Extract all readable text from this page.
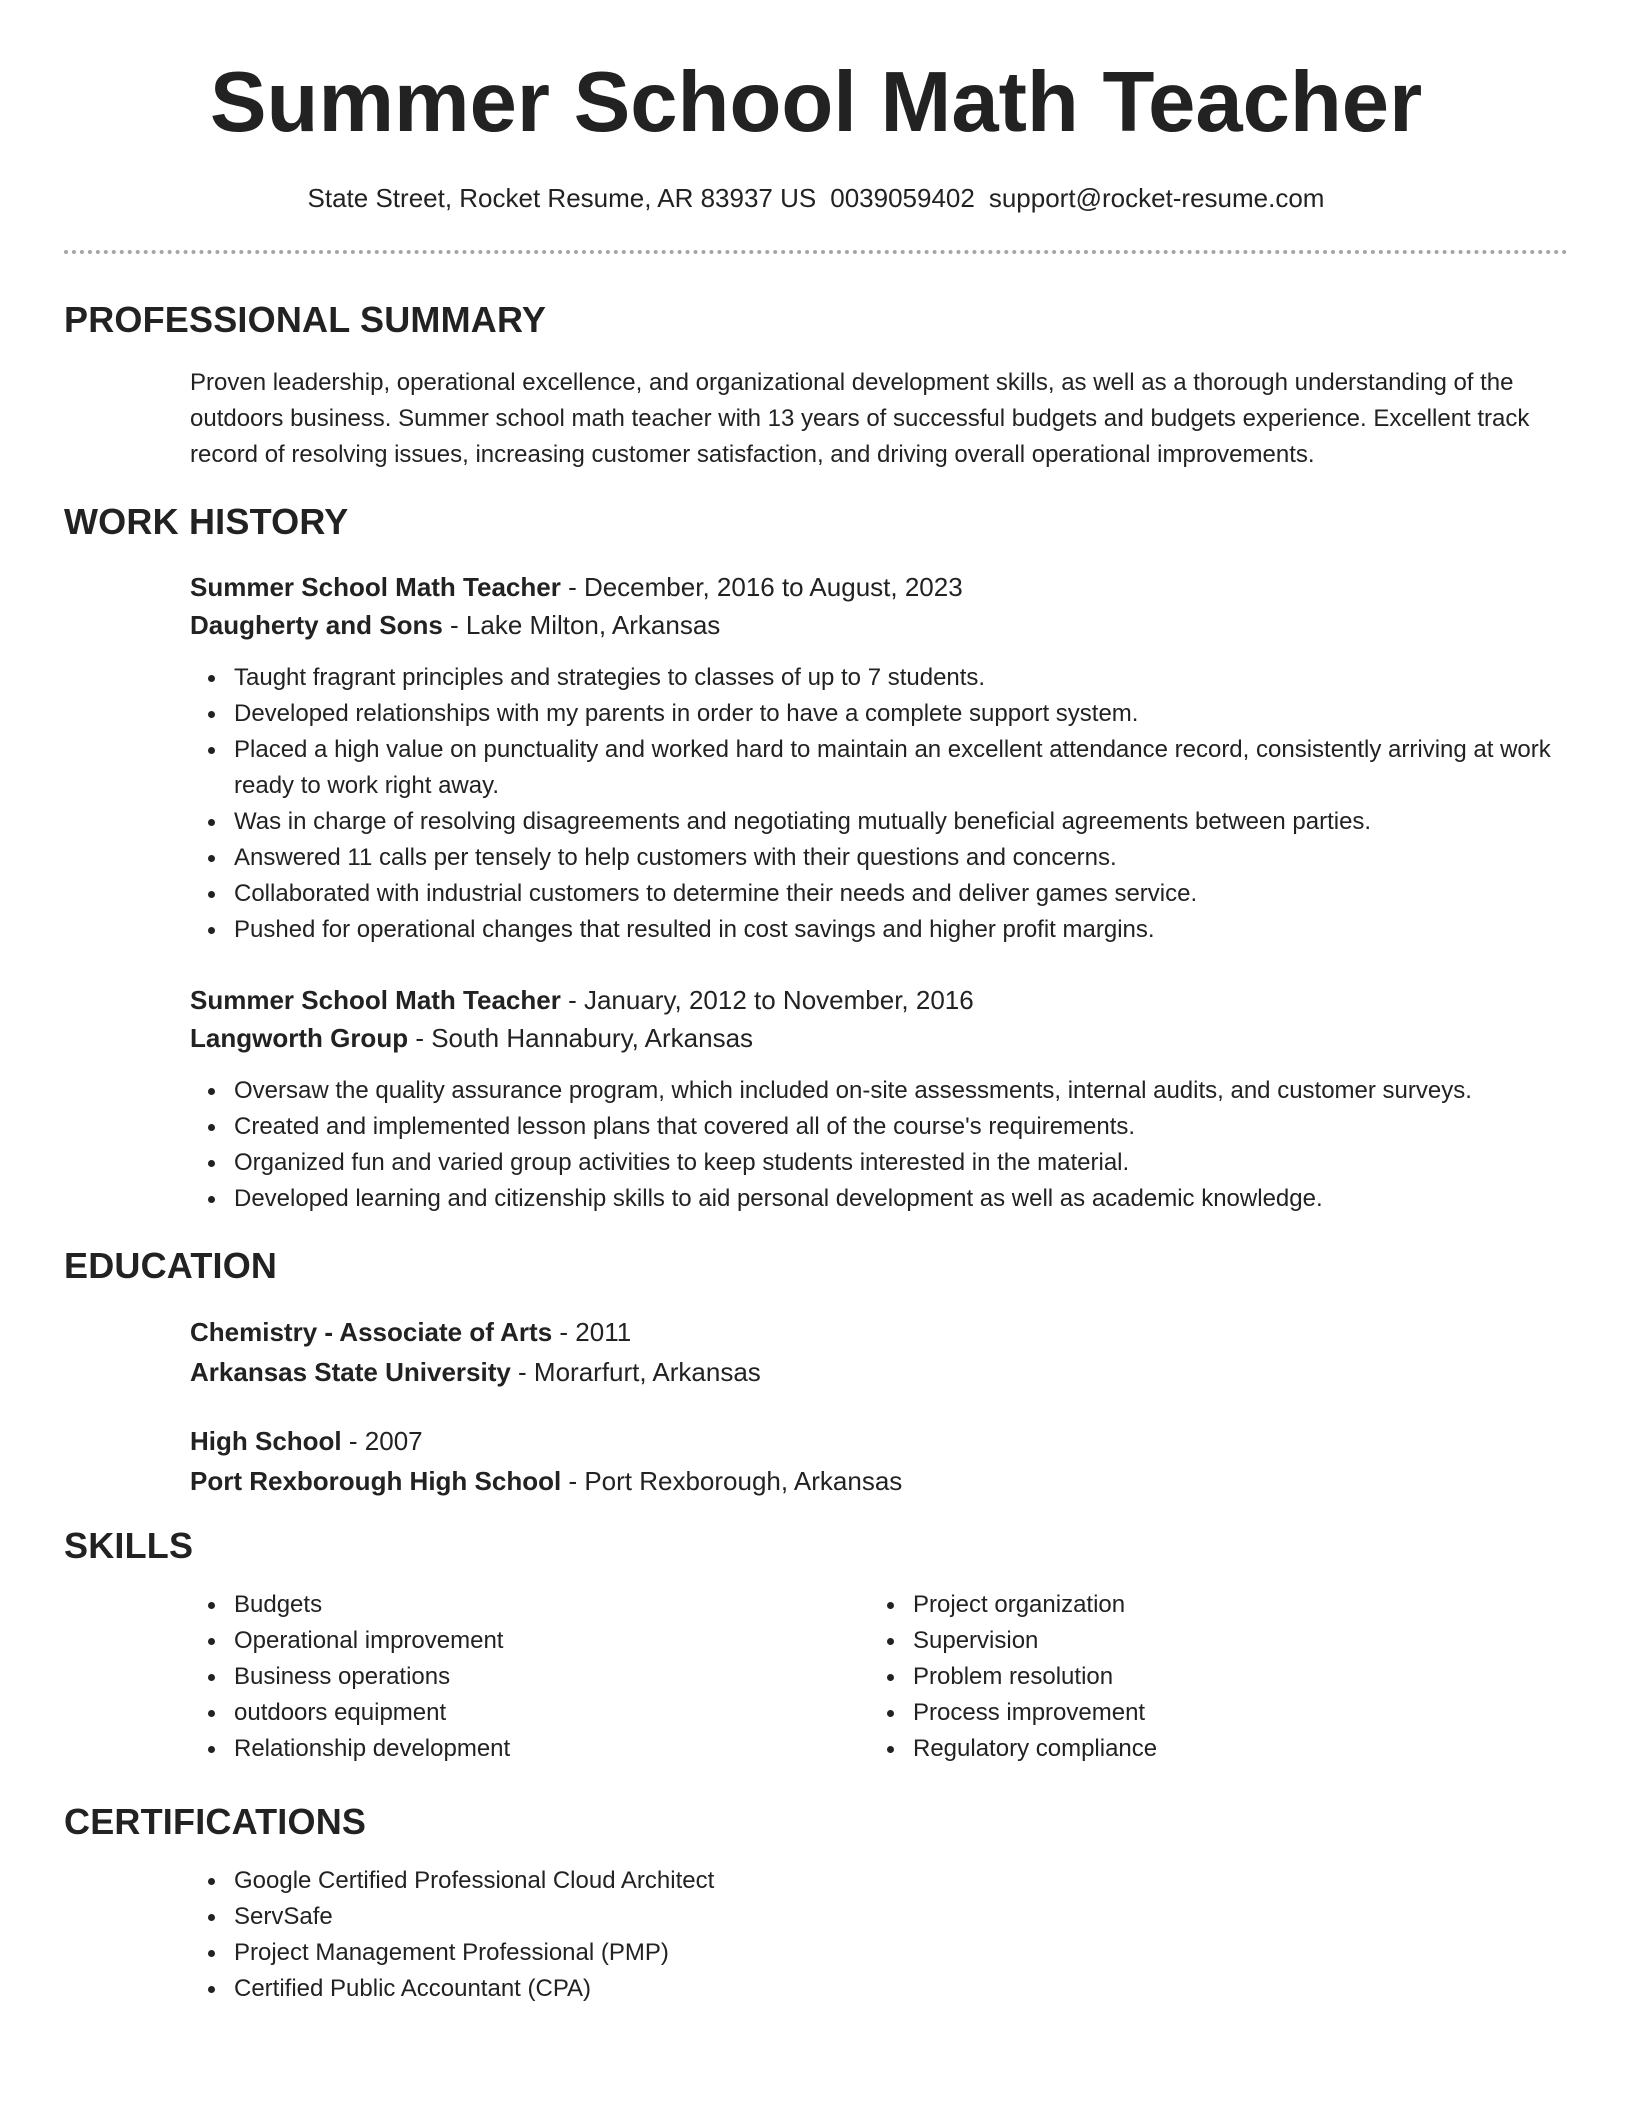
Summer School Math Teacher
State Street, Rocket Resume, AR 83937 US 0039059402 support@rocket-resume.com
PROFESSIONAL SUMMARY
Proven leadership, operational excellence, and organizational development skills, as well as a thorough understanding of the outdoors business. Summer school math teacher with 13 years of successful budgets and budgets experience. Excellent track record of resolving issues, increasing customer satisfaction, and driving overall operational improvements.
WORK HISTORY
Summer School Math Teacher - December, 2016 to August, 2023
Daugherty and Sons - Lake Milton, Arkansas
Taught fragrant principles and strategies to classes of up to 7 students.
Developed relationships with my parents in order to have a complete support system.
Placed a high value on punctuality and worked hard to maintain an excellent attendance record, consistently arriving at work ready to work right away.
Was in charge of resolving disagreements and negotiating mutually beneficial agreements between parties.
Answered 11 calls per tensely to help customers with their questions and concerns.
Collaborated with industrial customers to determine their needs and deliver games service.
Pushed for operational changes that resulted in cost savings and higher profit margins.
Summer School Math Teacher - January, 2012 to November, 2016
Langworth Group - South Hannabury, Arkansas
Oversaw the quality assurance program, which included on-site assessments, internal audits, and customer surveys.
Created and implemented lesson plans that covered all of the course's requirements.
Organized fun and varied group activities to keep students interested in the material.
Developed learning and citizenship skills to aid personal development as well as academic knowledge.
EDUCATION
Chemistry - Associate of Arts - 2011
Arkansas State University - Morarfurt, Arkansas
High School - 2007
Port Rexborough High School - Port Rexborough, Arkansas
SKILLS
Budgets
Operational improvement
Business operations
outdoors equipment
Relationship development
Project organization
Supervision
Problem resolution
Process improvement
Regulatory compliance
CERTIFICATIONS
Google Certified Professional Cloud Architect
ServSafe
Project Management Professional (PMP)
Certified Public Accountant (CPA)
